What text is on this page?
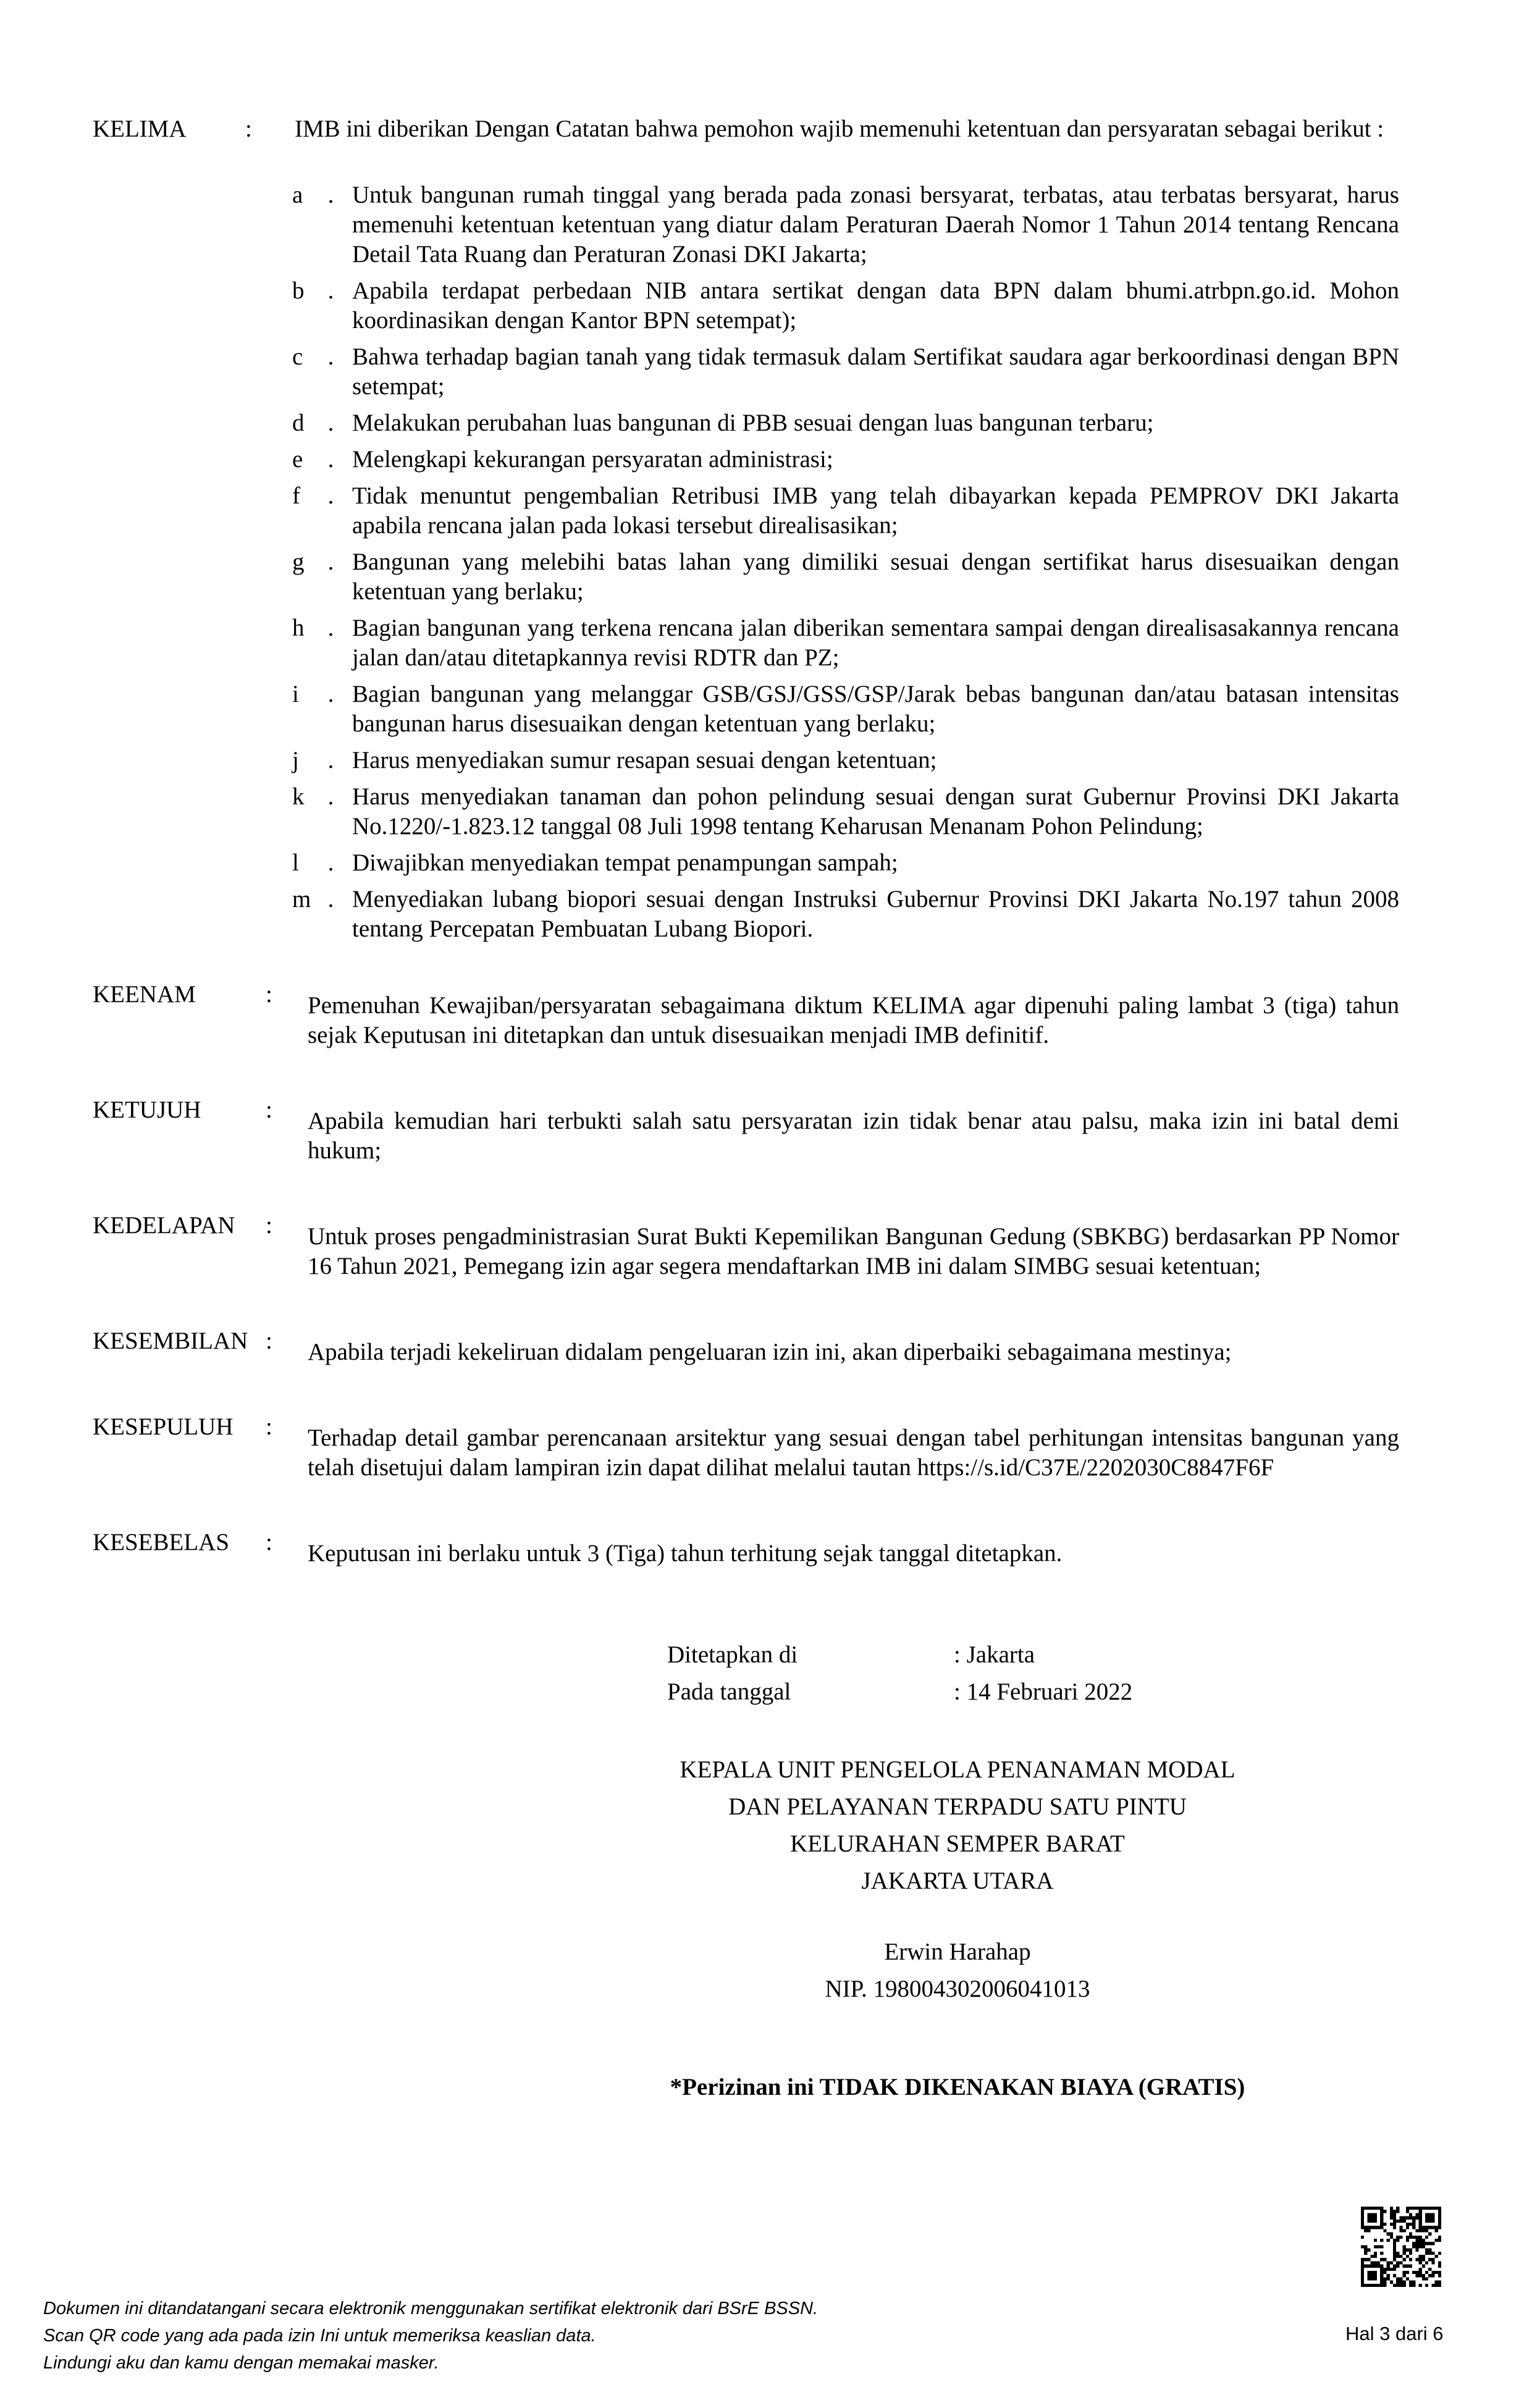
KELIMA	:	IMB ini diberikan Dengan Catatan bahwa pemohon wajib memenuhi ketentuan dan persyaratan sebagai berikut :
a	. Untuk bangunan rumah tinggal yang berada pada zonasi bersyarat, terbatas, atau terbatas bersyarat, harus memenuhi ketentuan ketentuan yang diatur dalam Peraturan Daerah Nomor 1 Tahun 2014 tentang Rencana Detail Tata Ruang dan Peraturan Zonasi DKI Jakarta;
b . Apabila terdapat perbedaan NIB antara sertikat dengan data BPN dalam bhumi.atrbpn.go.id. Mohon koordinasikan dengan Kantor BPN setempat);
c	. Bahwa terhadap bagian tanah yang tidak termasuk dalam Sertifikat saudara agar berkoordinasi dengan BPN setempat;
d . Melakukan perubahan luas bangunan di PBB sesuai dengan luas bangunan terbaru;
e	. Melengkapi kekurangan persyaratan administrasi;
f	. Tidak menuntut pengembalian Retribusi IMB yang telah dibayarkan kepada PEMPROV DKI Jakarta apabila rencana jalan pada lokasi tersebut direalisasikan;
g . Bangunan yang melebihi batas lahan yang dimiliki sesuai dengan sertifikat harus disesuaikan dengan ketentuan yang berlaku;
h . Bagian bangunan yang terkena rencana jalan diberikan sementara sampai dengan direalisasakannya rencana jalan dan/atau ditetapkannya revisi RDTR dan PZ;
i	. Bagian bangunan yang melanggar GSB/GSJ/GSS/GSP/Jarak bebas bangunan dan/atau batasan intensitas bangunan harus disesuaikan dengan ketentuan yang berlaku;
j	. Harus menyediakan sumur resapan sesuai dengan ketentuan;
k . Harus menyediakan tanaman dan pohon pelindung sesuai dengan surat Gubernur Provinsi DKI Jakarta No.1220/-1.823.12 tanggal 08 Juli 1998 tentang Keharusan Menanam Pohon Pelindung;
l	. Diwajibkan menyediakan tempat penampungan sampah;
m . Menyediakan lubang biopori sesuai dengan Instruksi Gubernur Provinsi DKI Jakarta No.197 tahun 2008 tentang Percepatan Pembuatan Lubang Biopori.
KEENAM	:	Pemenuhan Kewajiban/persyaratan sebagaimana diktum KELIMA agar dipenuhi paling lambat 3 (tiga) tahun sejak Keputusan ini ditetapkan dan untuk disesuaikan menjadi IMB definitif.
KETUJUH	:	Apabila kemudian hari terbukti salah satu persyaratan izin tidak benar atau palsu, maka izin ini batal demi hukum;
KEDELAPAN	:	Untuk proses pengadministrasian Surat Bukti Kepemilikan Bangunan Gedung (SBKBG) berdasarkan PP Nomor 16 Tahun 2021, Pemegang izin agar segera mendaftarkan IMB ini dalam SIMBG sesuai ketentuan;
KESEMBILAN :	Apabila terjadi kekeliruan didalam pengeluaran izin ini, akan diperbaiki sebagaimana mestinya;
KESEPULUH	:	Terhadap detail gambar perencanaan arsitektur yang sesuai dengan tabel perhitungan intensitas bangunan yang telah disetujui dalam lampiran izin dapat dilihat melalui tautan https://s.id/C37E/2202030C8847F6F
KESEBELAS	:	Keputusan ini berlaku untuk 3 (Tiga) tahun terhitung sejak tanggal ditetapkan.
Ditetapkan di	: Jakarta
Pada tanggal	: 14 Februari 2022
KEPALA UNIT PENGELOLA PENANAMAN MODAL
DAN PELAYANAN TERPADU SATU PINTU
KELURAHAN SEMPER BARAT
JAKARTA UTARA
Erwin Harahap
NIP. 198004302006041013
*Perizinan ini TIDAK DIKENAKAN BIAYA (GRATIS)
Dokumen ini ditandatangani secara elektronik menggunakan sertifikat elektronik dari BSrE BSSN.
Scan QR code yang ada pada izin Ini untuk memeriksa keaslian data.
Lindungi aku dan kamu dengan memakai masker.
Hal 3 dari 6
